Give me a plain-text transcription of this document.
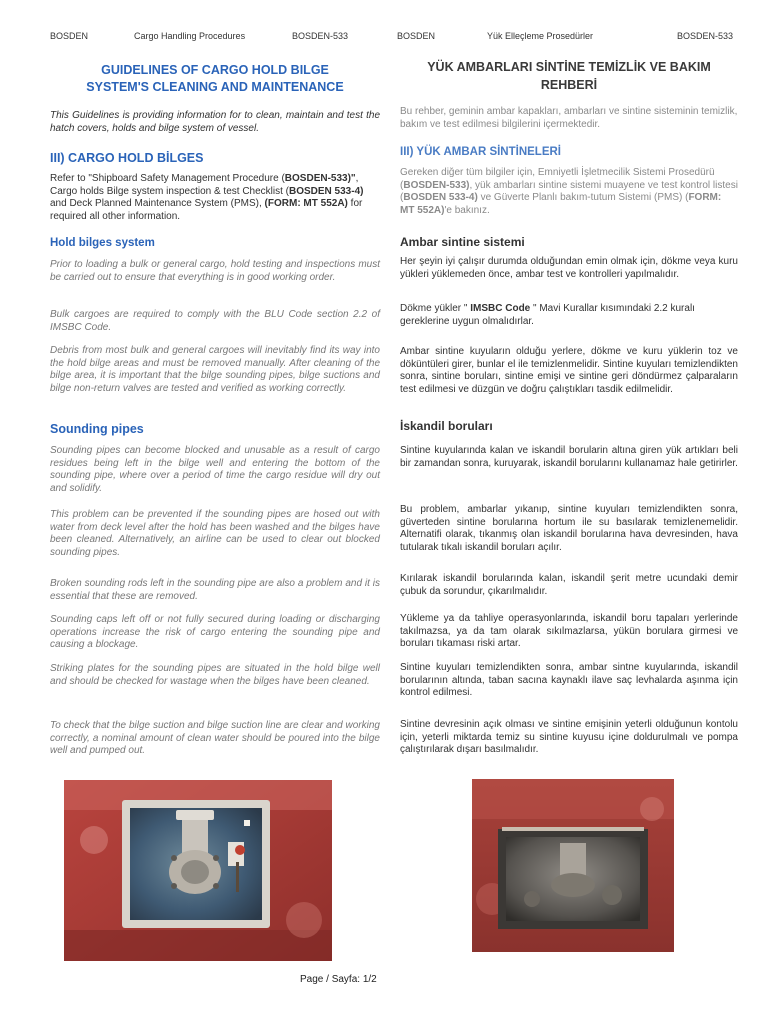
BOSDEN	Cargo Handling Procedures	BOSDEN-533	BOSDEN	Yük Elleçleme Prosedürler	BOSDEN-533
GUIDELINES OF CARGO HOLD BILGE
SYSTEM'S CLEANING AND MAINTENANCE

This Guidelines is providing information for to clean, maintain and test the hatch covers, holds and bilge system of vessel.

III) CARGO HOLD BİLGES

Refer to "Shipboard Safety Management Procedure (BOSDEN-533)", Cargo holds Bilge system inspection & test Checklist (BOSDEN 533-4) and Deck Planned Maintenance System (PMS), (FORM: MT 552A) for required all other information.

Hold bilges system

Prior to loading a bulk or general cargo, hold testing and inspections must be carried out to ensure that everything is in good working order.

Bulk cargoes are required to comply with the BLU Code section 2.2 of IMSBC Code.

Debris from most bulk and general cargoes will inevitably find its way into the hold bilge areas and must be removed manually. After cleaning of the bilge area, it is important that the bilge sounding pipes, bilge suctions and bilge non-return valves are tested and verified as working correctly.

Sounding pipes

Sounding pipes can become blocked and unusable as a result of cargo residues being left in the bilge well and entering the bottom of the sounding pipe, where over a period of time the cargo residue will dry out and solidify.

This problem can be prevented if the sounding pipes are hosed out with water from deck level after the hold has been washed and the bilges have been cleaned. Alternatively, an airline can be used to clear out blocked sounding pipes.

Broken sounding rods left in the sounding pipe are also a problem and it is essential that these are removed.

Sounding caps left off or not fully secured during loading or discharging operations increase the risk of cargo entering the sounding pipe and causing a blockage.

Striking plates for the sounding pipes are situated in the hold bilge well and should be checked for wastage when the bilges have been cleaned.

To check that the bilge suction and bilge suction line are clear and working correctly, a nominal amount of clean water should be poured into the bilge well and pumped out.

YÜK AMBARLARI SİNTİNE TEMİZLİK VE BAKIM
REHBERİ

Bu rehber, geminin ambar kapakları, ambarları ve sintine sisteminin temizlik, bakım ve test edilmesi bilgilerini içermektedir.

III) YÜK AMBAR SİNTİNELERİ

Gereken diğer tüm bilgiler için, Emniyetli İşletmecilik Sistemi Prosedürü (BOSDEN-533), yük ambarları sintine sistemi muayene ve test kontrol listesi (BOSDEN 533-4) ve Güverte Planlı bakım-tutum Sistemi (PMS) (FORM: MT 552A)'e bakınız.

Ambar sintine sistemi

Her şeyin iyi çalışır durumda olduğundan emin olmak için, dökme veya kuru yükleri yüklemeden önce, ambar test ve kontrolleri yapılmalıdır.

Dökme yükler " IMSBC Code " Mavi Kurallar kısımındaki 2.2 kuralı gereklerine uygun olmalıdırlar.

Ambar sintine kuyuların olduğu yerlere, dökme ve kuru yüklerin toz ve döküntüleri girer, bunlar el ile temizlenmelidir. Sintine kuyuları temizlendikten sonra, sintine boruları, sintine emişi ve sintine geri döndürmez çalparaların test edilmesi ve düzgün ve doğru çalıştıkları tasdik edilmelidir.

İskandil boruları

Sintine kuyularında kalan ve iskandil borularin altına giren yük artıkları beli bir zamandan sonra, kuruyarak, iskandil borularını kullanamaz hale getirirler.

Bu problem, ambarlar yıkanıp, sintine kuyuları temizlendikten sonra, güverteden sintine borularına hortum ile su basılarak temizlenemelidir. Alternatifi olarak, tıkanmış olan iskandil borularına hava devresinden, hava tutularak tıkalı iskandil boruları açılır.

Kırılarak iskandil borularında kalan, iskandil şerit metre ucundaki demir çubuk da sorundur, çıkarılmalıdır.

Yükleme ya da tahliye operasyonlarında, iskandil boru tapaları yerlerinde takılmazsa, ya da tam olarak sıkılmazlarsa, yükün borulara girmesi ve boruları tıkaması riski artar.

Sintine kuyuları temizlendikten sonra, ambar sintne kuyularında, iskandil borularının altında, taban sacına kaynaklı ilave saç levhalarda aşınma için kontrol edilmesi.

Sintine devresinin açık olması ve sintine emişinin yeterli olduğunun kontolu için, yeterli miktarda temiz su sintine kuyusu içine doldurulmalı ve pompa çalıştırılarak dışarı basılmalıdır.

Page / Sayfa: 1/2
